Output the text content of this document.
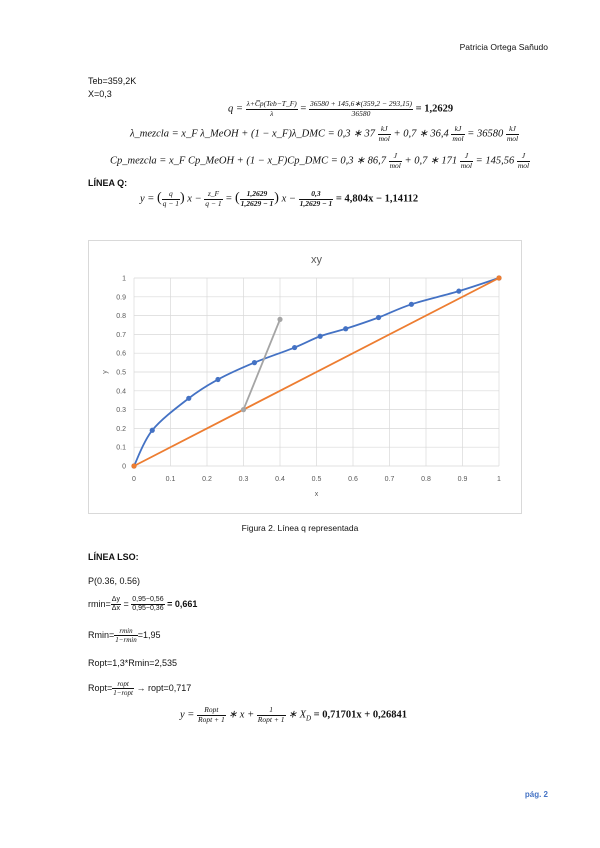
Patricia Ortega Sañudo
Teb=359,2K
X=0,3
$q = \frac{\text{λ+C̅p(Teb−T\_F)}}{\lambda} = \frac{36580 + 145,6∗(359,2 - 293,15)}{36580} = 1,2629$
λ_mezcla = x_F λ_MeOH + (1 − x_F)λ_DMC = 0,3 ∗ $37 \frac{kJ}{\text{mol}} + 0,7$ ∗ $36,4 \frac{kJ}{\text{mol}} = 36580 \frac{kJ}{\text{mol}}$
Cp_mezcla = x_F Cp_MeOH + (1 − x_F)Cp_DMC = 0,3 ∗ $86,7 \frac{J}{\text{mol}} + 0,7$ ∗ $171 \frac{J}{\text{mol}} = 145,56 \frac{J}{\text{mol}}$
LÍNEA Q:
y = ( $\frac{q}{q - 1}$ ) $x - \frac{z\_F}{q - 1}$ = ( $\frac{1,2629}{1,2629 - 1}$ ) $x - \frac{0,3}{1,2629 - 1} = 4,804x - 1,14112$
xy
0
0.1
0.2
0.3
0.4
0.5
0.6
0.7
0.8
0.9
1
0	0.1	0.2	0.3	0.4	0.5	0.6	0.7	0.8	0.9	1
x
y
Figura 2. Línea q representada
LÍNEA LSO:
P(0.36, 0.56)
$rmin= \frac{\Delta y}{\Delta x} = \frac{0,95-0,56}{0,95-0,36} = 0,661$
$Rmin= \frac{rmin}{1-rmin} =1,95$
Ropt=1,3*Rmin=2,535
Ropt= $\frac{\text{ropt}}{\text{1−ropt}}$ → ropt=0,717
$y = \frac{\text{Ropt}}{\text{Ropt + 1}}$ ∗ $x + \frac{1}{\text{Ropt + 1}}$ ∗ $X_D = 0,71701x + 0,26841$
pág. 2
